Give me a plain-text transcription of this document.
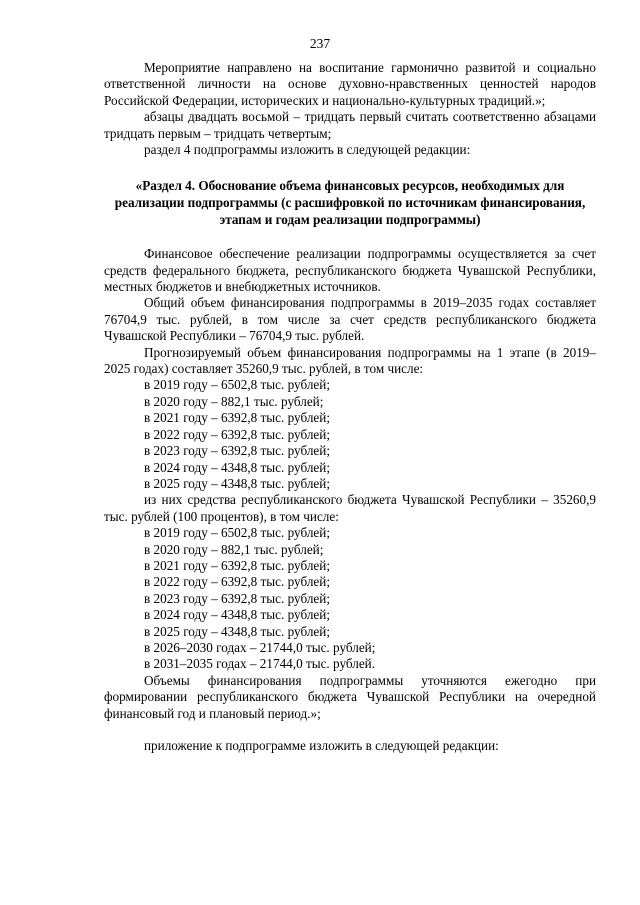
237

Мероприятие направлено на воспитание гармонично развитой и социально ответственной личности на основе духовно-нравственных ценностей народов Российской Федерации, исторических и национально-культурных традиций.»;

абзацы двадцать восьмой – тридцать первый считать соответственно абзацами тридцать первым – тридцать четвертым;

раздел 4 подпрограммы изложить в следующей редакции:

«Раздел 4. Обоснование объема финансовых ресурсов, необходимых для реализации подпрограммы (с расшифровкой по источникам финансирования, этапам и годам реализации подпрограммы)

Финансовое обеспечение реализации подпрограммы осуществляется за счет средств федерального бюджета, республиканского бюджета Чувашской Республики, местных бюджетов и внебюджетных источников.

Общий объем финансирования подпрограммы в 2019–2035 годах составляет 76704,9 тыс. рублей, в том числе за счет средств республиканского бюджета Чувашской Республики – 76704,9 тыс. рублей.

Прогнозируемый объем финансирования подпрограммы на 1 этапе (в 2019–2025 годах) составляет 35260,9 тыс. рублей, в том числе:

в 2019 году – 6502,8 тыс. рублей;

в 2020 году – 882,1 тыс. рублей;

в 2021 году – 6392,8 тыс. рублей;

в 2022 году – 6392,8 тыс. рублей;

в 2023 году – 6392,8 тыс. рублей;

в 2024 году – 4348,8 тыс. рублей;

в 2025 году – 4348,8 тыс. рублей;

из них средства республиканского бюджета Чувашской Республики – 35260,9 тыс. рублей (100 процентов), в том числе:

в 2019 году – 6502,8 тыс. рублей;

в 2020 году – 882,1 тыс. рублей;

в 2021 году – 6392,8 тыс. рублей;

в 2022 году – 6392,8 тыс. рублей;

в 2023 году – 6392,8 тыс. рублей;

в 2024 году – 4348,8 тыс. рублей;

в 2025 году – 4348,8 тыс. рублей;

в 2026–2030 годах – 21744,0 тыс. рублей;

в 2031–2035 годах – 21744,0 тыс. рублей.

Объемы финансирования подпрограммы уточняются ежегодно при формировании республиканского бюджета Чувашской Республики на очередной финансовый год и плановый период.»;

приложение к подпрограмме изложить в следующей редакции:
